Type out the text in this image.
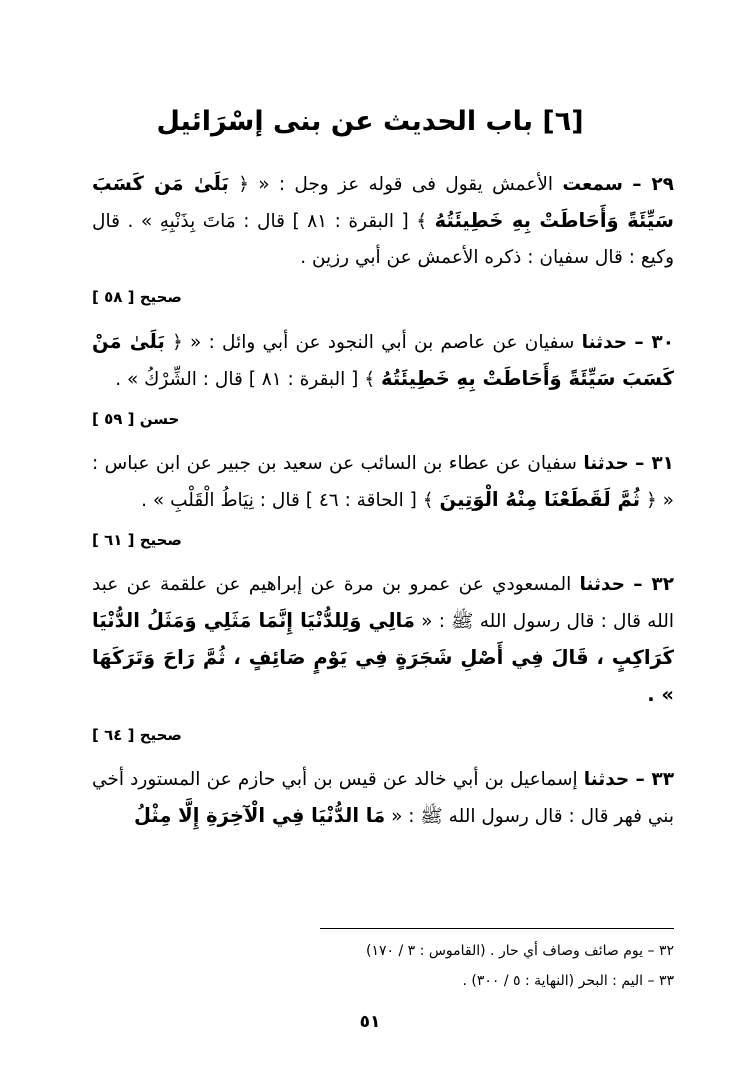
[٦] باب الحديث عن بنى إسْرَائيل

٢٩ – سمعت الأعمش يقول فى قوله عز وجل : « ﴿ بَلَىٰ مَن كَسَبَ سَيِّئَةً وَأَحَاطَتْ بِهِ خَطِيئَتُهُ ﴾ [ البقرة : ٨١ ] قال : مَاتَ بِذَنْبِهِ » . قال وكيع : قال سفيان : ذكره الأعمش عن أبي رزين .

صحيح [ ٥٨ ]

٣٠ – حدثنا سفيان عن عاصم بن أبي النجود عن أبي وائل : « ﴿ بَلَىٰ مَنْ كَسَبَ سَيِّئَةً وَأَحَاطَتْ بِهِ خَطِيئَتُهُ ﴾ [ البقرة : ٨١ ] قال : الشِّرْكُ » .

حسن [ ٥٩ ]

٣١ – حدثنا سفيان عن عطاء بن السائب عن سعيد بن جبير عن ابن عباس : « ﴿ ثُمَّ لَقَطَعْنَا مِنْهُ الْوَتِينَ ﴾ [ الحاقة : ٤٦ ] قال : نِيَاطُ الْقَلْبِ » .

صحيح [ ٦١ ]

٣٢ – حدثنا المسعودي عن عمرو بن مرة عن إبراهيم عن علقمة عن عبد الله قال : قال رسول الله ﷺ : « مَالِي وَلِلدُّنْيَا إِنَّمَا مَثَلِي وَمَثَلُ الدُّنْيَا كَرَاكِبٍ ، قَالَ فِي أَصْلِ شَجَرَةٍ فِي يَوْمٍ صَائِفٍ ، ثُمَّ رَاحَ وَتَرَكَهَا » .

صحيح [ ٦٤ ]

٣٣ – حدثنا إسماعيل بن أبي خالد عن قيس بن أبي حازم عن المستورد أخي بني فهر قال : قال رسول الله ﷺ : « مَا الدُّنْيَا فِي الْآخِرَةِ إِلَّا مِثْلُ

٣٢ – يوم صائف وصاف أي حار . (القاموس : ٣ / ١٧٠)
٣٣ – اليم : البحر (النهاية : ٥ / ٣٠٠) .
٥١
